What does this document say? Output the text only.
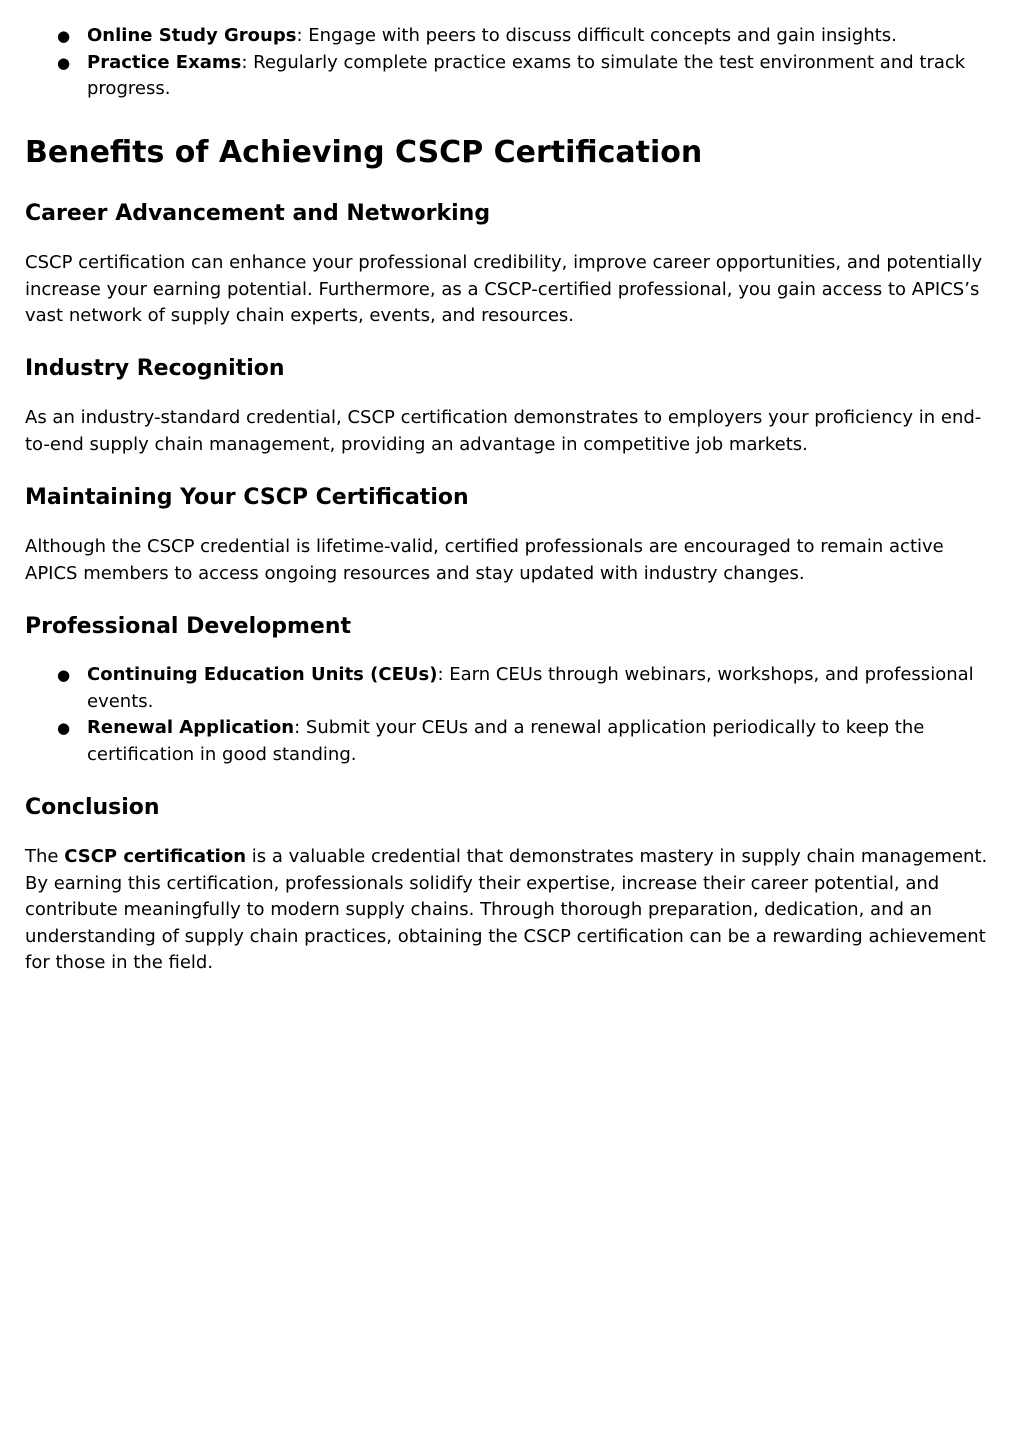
● Online Study Groups: Engage with peers to discuss difficult concepts and gain insights.
● Practice Exams: Regularly complete practice exams to simulate the test environment and track progress.
Benefits of Achieving CSCP Certification
Career Advancement and Networking

CSCP certification can enhance your professional credibility, improve career opportunities, and potentially increase your earning potential. Furthermore, as a CSCP-certified professional, you gain access to APICS’s vast network of supply chain experts, events, and resources.

Industry Recognition

As an industry-standard credential, CSCP certification demonstrates to employers your proficiency in end-to-end supply chain management, providing an advantage in competitive job markets.

Maintaining Your CSCP Certification

Although the CSCP credential is lifetime-valid, certified professionals are encouraged to remain active APICS members to access ongoing resources and stay updated with industry changes.

Professional Development
● Continuing Education Units (CEUs): Earn CEUs through webinars, workshops, and professional events.
● Renewal Application: Submit your CEUs and a renewal application periodically to keep the certification in good standing.
Conclusion

The CSCP certification is a valuable credential that demonstrates mastery in supply chain management. By earning this certification, professionals solidify their expertise, increase their career potential, and contribute meaningfully to modern supply chains. Through thorough preparation, dedication, and an understanding of supply chain practices, obtaining the CSCP certification can be a rewarding achievement for those in the field.
